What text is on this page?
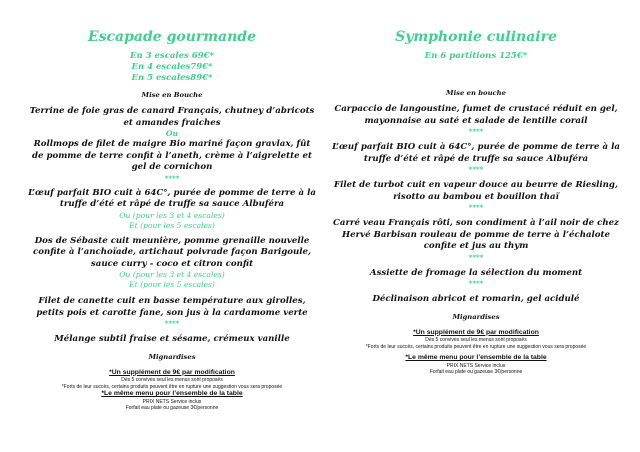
Escapade gourmande

En 3 escales 69€*
En 4 escales79€*
En 5 escales89€*
Mise en Bouche
Terrine de foie gras de canard Français, chutney d’abricots et amandes fraiches
Ou
Rollmops de filet de maigre Bio mariné façon gravlax, fût de pomme de terre confit à l’aneth, crème à l’aigrelette et gel de cornichon
****
L’œuf parfait BIO cuit à 64C°, purée de pomme de terre à la truffe d’été et râpé de truffe sa sauce Albuféra
Ou (pour les 3 et 4 escales)
Et (pour les 5 escales)
Dos de Sébaste cuit meunière, pomme grenaille nouvelle confite à l’anchoïade, artichaut poivrade façon Barigoule, sauce curry - coco et citron confit
Ou (pour les 3 et 4 escales)
Et (pour les 5 escales)
Filet de canette cuit en basse température aux girolles, petits pois et carotte fane, son jus à la cardamome verte
****
Mélange subtil fraise et sésame, crémeux vanille
Mignardises
*Un supplément de 9€ par modification
Dès 5 convives seul les menus sont proposés
*Forts de leur succès, certains produits peuvent être en rupture une suggestion vous sera proposée
*Le même menu pour l’ensemble de la table
PRIX NETS Service inclus
Forfait eau plate ou gazeuse 3€/personne

Symphonie culinaire

En 6 partitions 125€*
Mise en bouche
Carpaccio de langoustine, fumet de crustacé réduit en gel, mayonnaise au saté et salade de lentille corail
****
L’œuf parfait BIO cuit à 64C°, purée de pomme de terre à la truffe d’été et râpé de truffe sa sauce Albuféra
****
Filet de turbot cuit en vapeur douce au beurre de Riesling, risotto au bambou et bouillon thaï
****
Carré veau Français rôti, son condiment à l’ail noir de chez Hervé Barbisan rouleau de pomme de terre à l’échalote confite et jus au thym
****
Assiette de fromage la sélection du moment
****
Déclinaison abricot et romarin, gel acidulé
Mignardises
*Un supplément de 9€ par modification
Dès 5 convives seul les menus sont proposés
*Forts de leur succès, certains produits peuvent être en rupture une suggestion vous sera proposée
*Le même menu pour l’ensemble de la table
PRIX NETS Service inclus
Forfait eau plate ou gazeuse 3€/personne
